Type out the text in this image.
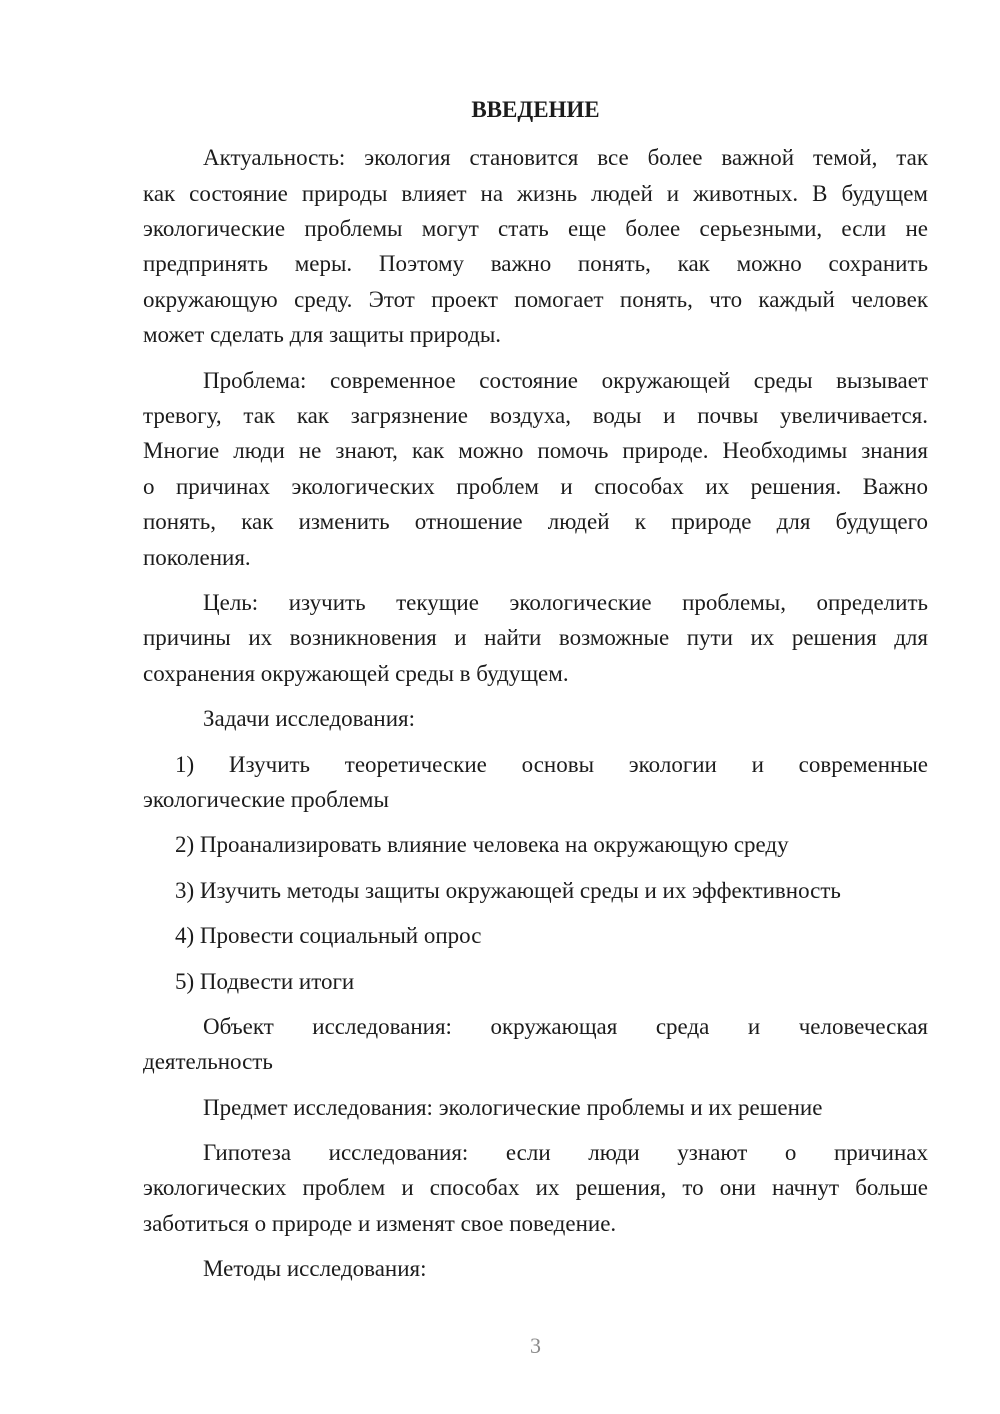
ВВЕДЕНИЕ
Актуальность: экология становится все более важной темой, так
как состояние природы влияет на жизнь людей и животных. В будущем
экологические проблемы могут стать еще более серьезными, если не
предпринять меры. Поэтому важно понять, как можно сохранить
окружающую среду. Этот проект помогает понять, что каждый человек
может сделать для защиты природы.
Проблема: современное состояние окружающей среды вызывает
тревогу, так как загрязнение воздуха, воды и почвы увеличивается.
Многие люди не знают, как можно помочь природе. Необходимы знания
о причинах экологических проблем и способах их решения. Важно
понять, как изменить отношение людей к природе для будущего
поколения.
Цель: изучить текущие экологические проблемы, определить
причины их возникновения и найти возможные пути их решения для
сохранения окружающей среды в будущем.
Задачи исследования:
1) Изучить теоретические основы экологии и современные
экологические проблемы
2) Проанализировать влияние человека на окружающую среду
3) Изучить методы защиты окружающей среды и их эффективность
4) Провести социальный опрос
5) Подвести итоги
Объект исследования: окружающая среда и человеческая
деятельность
Предмет исследования: экологические проблемы и их решение
Гипотеза исследования: если люди узнают о причинах
экологических проблем и способах их решения, то они начнут больше
заботиться о природе и изменят свое поведение.
Методы исследования:
3
